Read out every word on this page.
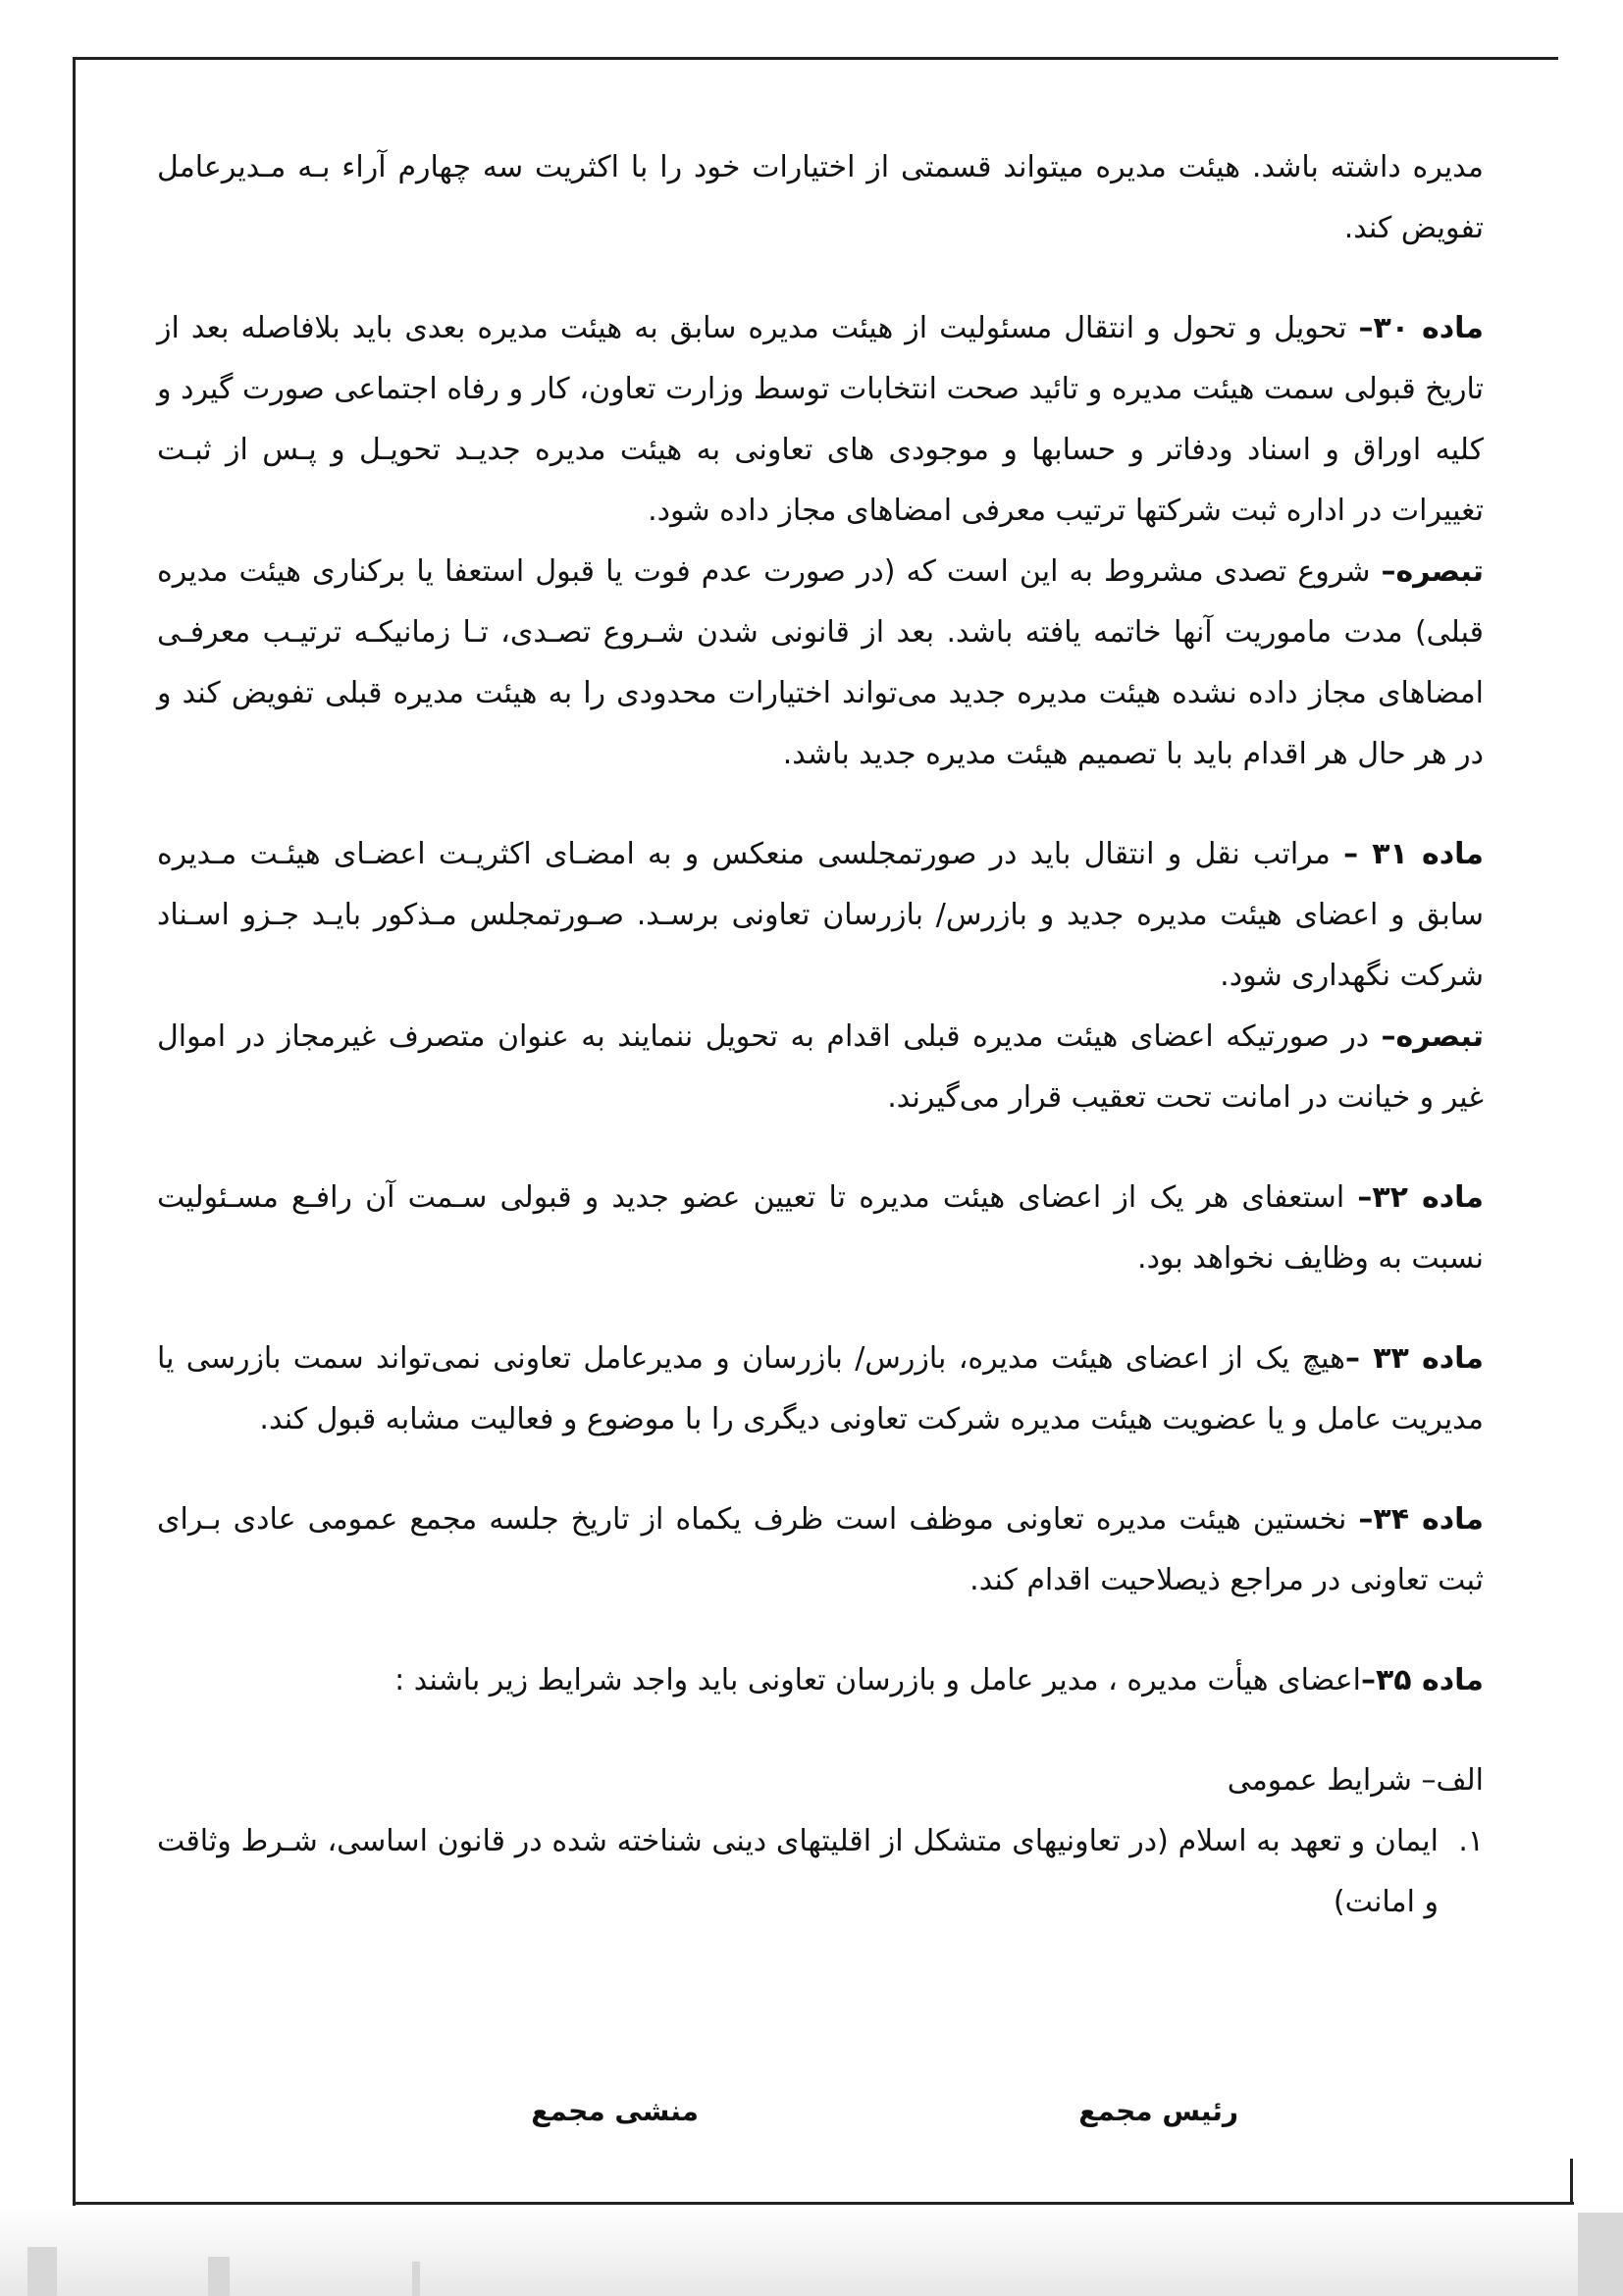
مدیره داشته باشد. هیئت مدیره میتواند قسمتی از اختیارات خود را با اکثریت سه چهارم آراء بـه مـدیرعامل تفویض کند.

ماده ۳۰– تحویل و تحول و انتقال مسئولیت از هیئت مدیره سابق به هیئت مدیره بعدی باید بلافاصله بعد از تاریخ قبولی سمت هیئت مدیره و تائید صحت انتخابات توسط وزارت تعاون، کار و رفاه اجتماعی صورت گیرد و کلیه اوراق و اسناد ودفاتر و حسابها و موجودی های تعاونی به هیئت مدیره جدیـد تحویـل و پـس از ثبـت تغییرات در اداره ثبت شرکتها ترتیب معرفی امضاهای مجاز داده شود.

تبصره– شروع تصدی مشروط به این است که (در صورت عدم فوت یا قبول استعفا یا برکناری هیئت مدیره قبلی) مدت ماموریت آنها خاتمه یافته باشد. بعد از قانونی شدن شـروع تصـدی، تـا زمانیکـه ترتیـب معرفـی امضاهای مجاز داده نشده هیئت مدیره جدید می‌تواند اختیارات محدودی را به هیئت مدیره قبلی تفویض کند و در هر حال هر اقدام باید با تصمیم هیئت مدیره جدید باشد.

ماده ۳۱ – مراتب نقل و انتقال باید در صورتمجلسی منعکس و به امضـای اکثریـت اعضـای هیئـت مـدیره سابق و اعضای هیئت مدیره جدید و بازرس/ بازرسان تعاونی برسـد. صـورتمجلس مـذکور بایـد جـزو اسـناد شرکت نگهداری شود.

تبصره– در صورتیکه اعضای هیئت مدیره قبلی اقدام به تحویل ننمایند به عنوان متصرف غیرمجاز در اموال غیر و خیانت در امانت تحت تعقیب قرار می‌گیرند.

ماده ۳۲– استعفای هر یک از اعضای هیئت مدیره تا تعیین عضو جدید و قبولی سـمت آن رافـع مسـئولیت نسبت به وظایف نخواهد بود.

ماده ۳۳ –هیچ یک از اعضای هیئت مدیره، بازرس/ بازرسان و مدیرعامل تعاونی نمی‌تواند سمت بازرسی یا مدیریت عامل و یا عضویت هیئت مدیره شرکت تعاونی دیگری را با موضوع و فعالیت مشابه قبول کند.

ماده ۳۴– نخستین هیئت مدیره تعاونی موظف است ظرف یکماه از تاریخ جلسه مجمع عمومی عادی بـرای ثبت تعاونی در مراجع ذیصلاحیت اقدام کند.

ماده ۳۵–اعضای هیأت مدیره ، مدیر عامل و بازرسان تعاونی باید واجد شرایط زیر باشند :

الف– شرایط عمومی

۱.
ایمان و تعهد به اسلام (در تعاونیهای متشکل از اقلیتهای دینی شناخته شده در قانون اساسی، شـرط وثاقت و امانت)
رئیس مجمع
منشی مجمع
